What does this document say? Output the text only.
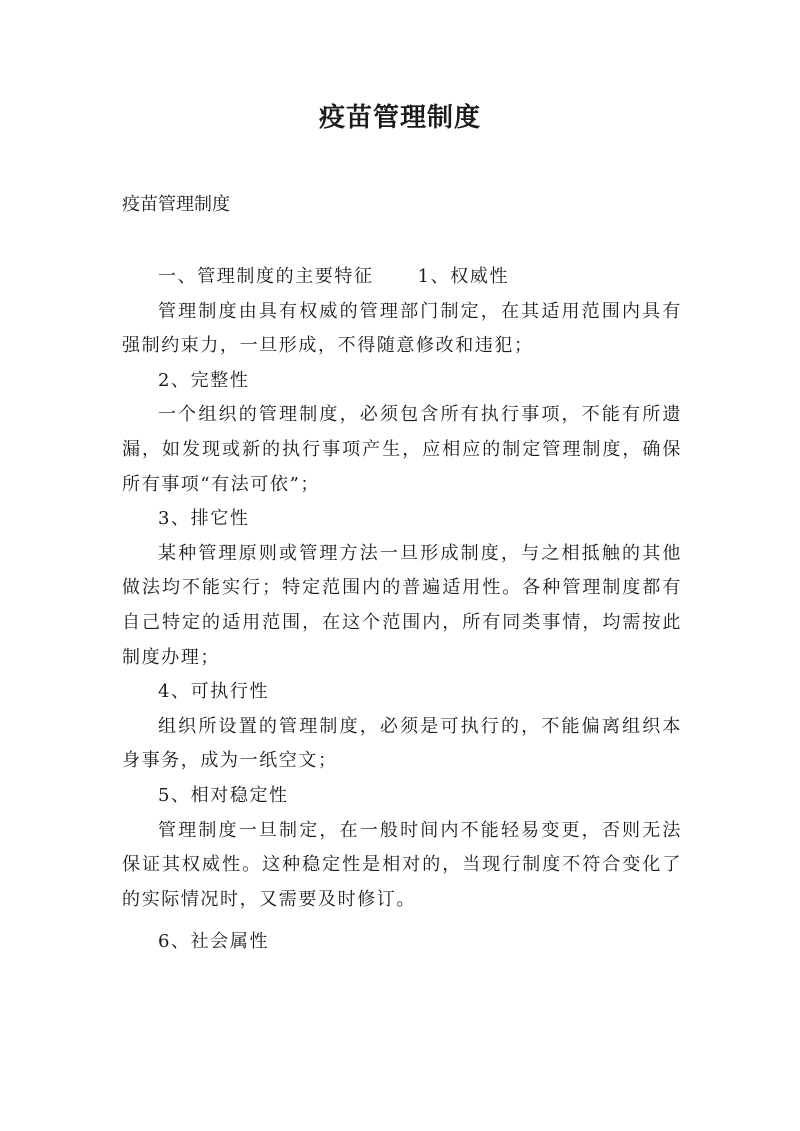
疫苗管理制度
疫苗管理制度

一、管理制度的主要特征 1、权威性

管理制度由具有权威的管理部门制定，在其适用范围内具有强制约束力，一旦形成，不得随意修改和违犯；

2、完整性

一个组织的管理制度，必须包含所有执行事项，不能有所遗漏，如发现或新的执行事项产生，应相应的制定管理制度，确保所有事项“有法可依”；

3、排它性

某种管理原则或管理方法一旦形成制度，与之相抵触的其他做法均不能实行；特定范围内的普遍适用性。各种管理制度都有自己特定的适用范围，在这个范围内，所有同类事情，均需按此制度办理；

4、可执行性

组织所设置的管理制度，必须是可执行的，不能偏离组织本身事务，成为一纸空文；

5、相对稳定性

管理制度一旦制定，在一般时间内不能轻易变更，否则无法保证其权威性。这种稳定性是相对的，当现行制度不符合变化了的实际情况时，又需要及时修订。

6、社会属性
